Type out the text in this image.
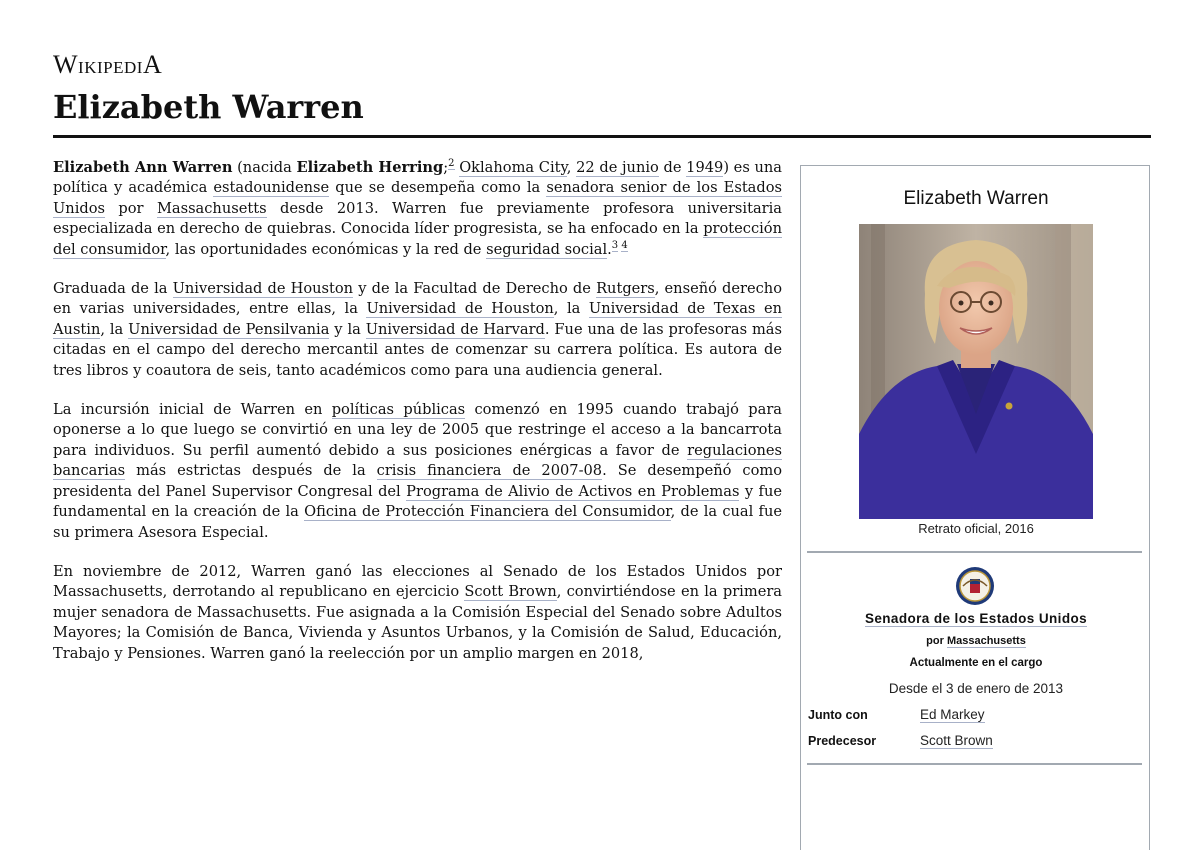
WIKIPEDIA
Elizabeth Warren

Elizabeth Ann Warren (nacida Elizabeth Herring;$^2$ Oklahoma City, 22 de junio de 1949) es una política y académica estadounidense que se desempeña como la senadora senior de los Estados Unidos por Massachusetts desde 2013. Warren fue previamente profesora universitaria especializada en derecho de quiebras. Conocida líder progresista, se ha enfocado en la protección del consumidor, las oportunidades económicas y la red de seguridad social.$^{3 4}$

Graduada de la Universidad de Houston y de la Facultad de Derecho de Rutgers, enseñó derecho en varias universidades, entre ellas, la Universidad de Houston, la Universidad de Texas en Austin, la Universidad de Pensilvania y la Universidad de Harvard. Fue una de las profesoras más citadas en el campo del derecho mercantil antes de comenzar su carrera política. Es autora de tres libros y coautora de seis, tanto académicos como para una audiencia general.

La incursión inicial de Warren en políticas públicas comenzó en 1995 cuando trabajó para oponerse a lo que luego se convirtió en una ley de 2005 que restringe el acceso a la bancarrota para individuos. Su perfil aumentó debido a sus posiciones enérgicas a favor de regulaciones bancarias más estrictas después de la crisis financiera de 2007-08. Se desempeñó como presidenta del Panel Supervisor Congresal del Programa de Alivio de Activos en Problemas y fue fundamental en la creación de la Oficina de Protección Financiera del Consumidor, de la cual fue su primera Asesora Especial.

En noviembre de 2012, Warren ganó las elecciones al Senado de los Estados Unidos por Massachusetts, derrotando al republicano en ejercicio Scott Brown, convirtiéndose en la primera mujer senadora de Massachusetts. Fue asignada a la Comisión Especial del Senado sobre Adultos Mayores; la Comisión de Banca, Vivienda y Asuntos Urbanos, y la Comisión de Salud, Educación, Trabajo y Pensiones. Warren ganó la reelección por un amplio margen en 2018,

Elizabeth Warren
Retrato oficial, 2016
Senadora de los Estados Unidos
por Massachusetts
Actualmente en el cargo
Desde el 3 de enero de 2013
Junto con	Ed Markey
Predecesor	Scott Brown
